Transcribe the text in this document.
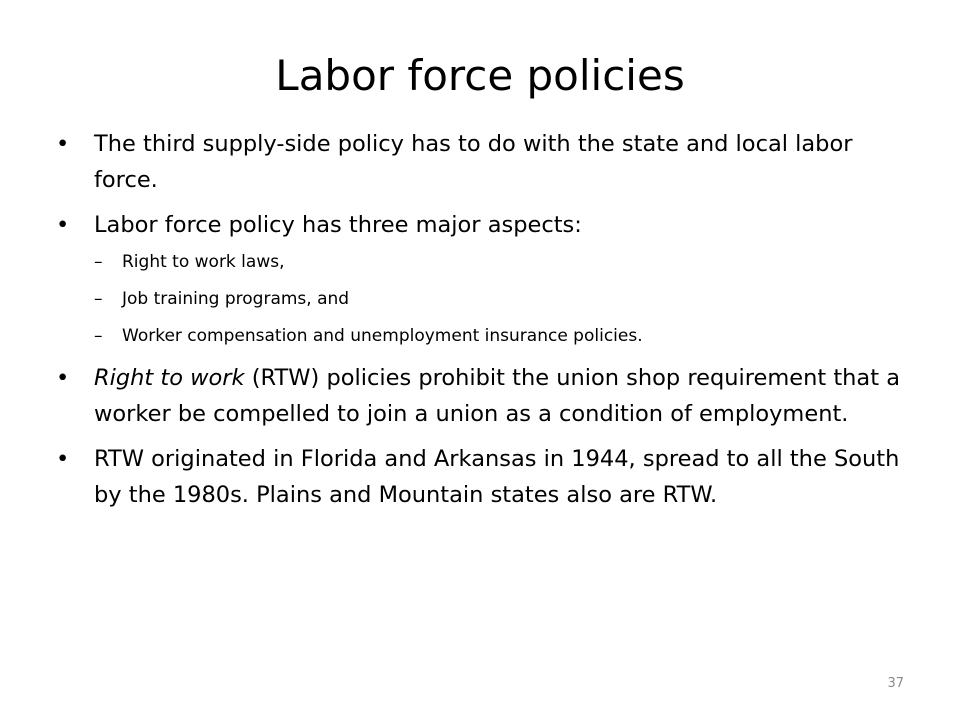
Labor force policies
• The third supply-side policy has to do with the state and local labor force.
• Labor force policy has three major aspects:
–	Right to work laws,
–	Job training programs, and
–	Worker compensation and unemployment insurance policies.
• Right to work (RTW) policies prohibit the union shop requirement that a worker be compelled to join a union as a condition of employment.
• RTW originated in Florida and Arkansas in 1944, spread to all the South by the 1980s. Plains and Mountain states also are RTW.
37
